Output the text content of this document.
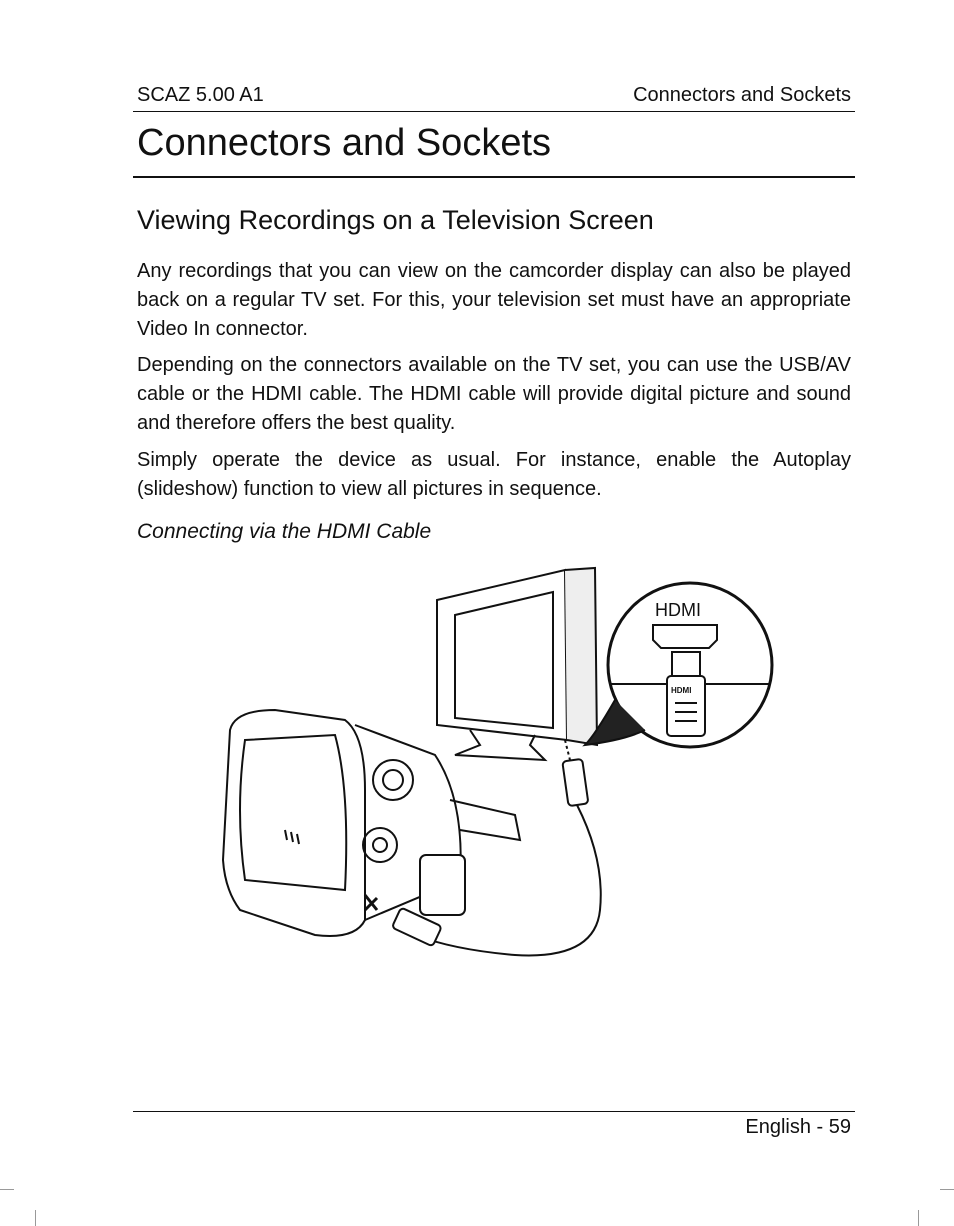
SCAZ 5.00 A1	Connectors and Sockets
Connectors and Sockets
Viewing Recordings on a Television Screen

Any recordings that you can view on the camcorder display can also be played back on a regular TV set. For this, your television set must have an appropriate Video In connector.

Depending on the connectors available on the TV set, you can use the USB/AV cable or the HDMI cable. The HDMI cable will provide digital picture and sound and therefore offers the best quality.

Simply operate the device as usual. For instance, enable the Autoplay (slideshow) function to view all pictures in sequence.

Connecting via the HDMI Cable
HDMI
HDMI
English - 59
